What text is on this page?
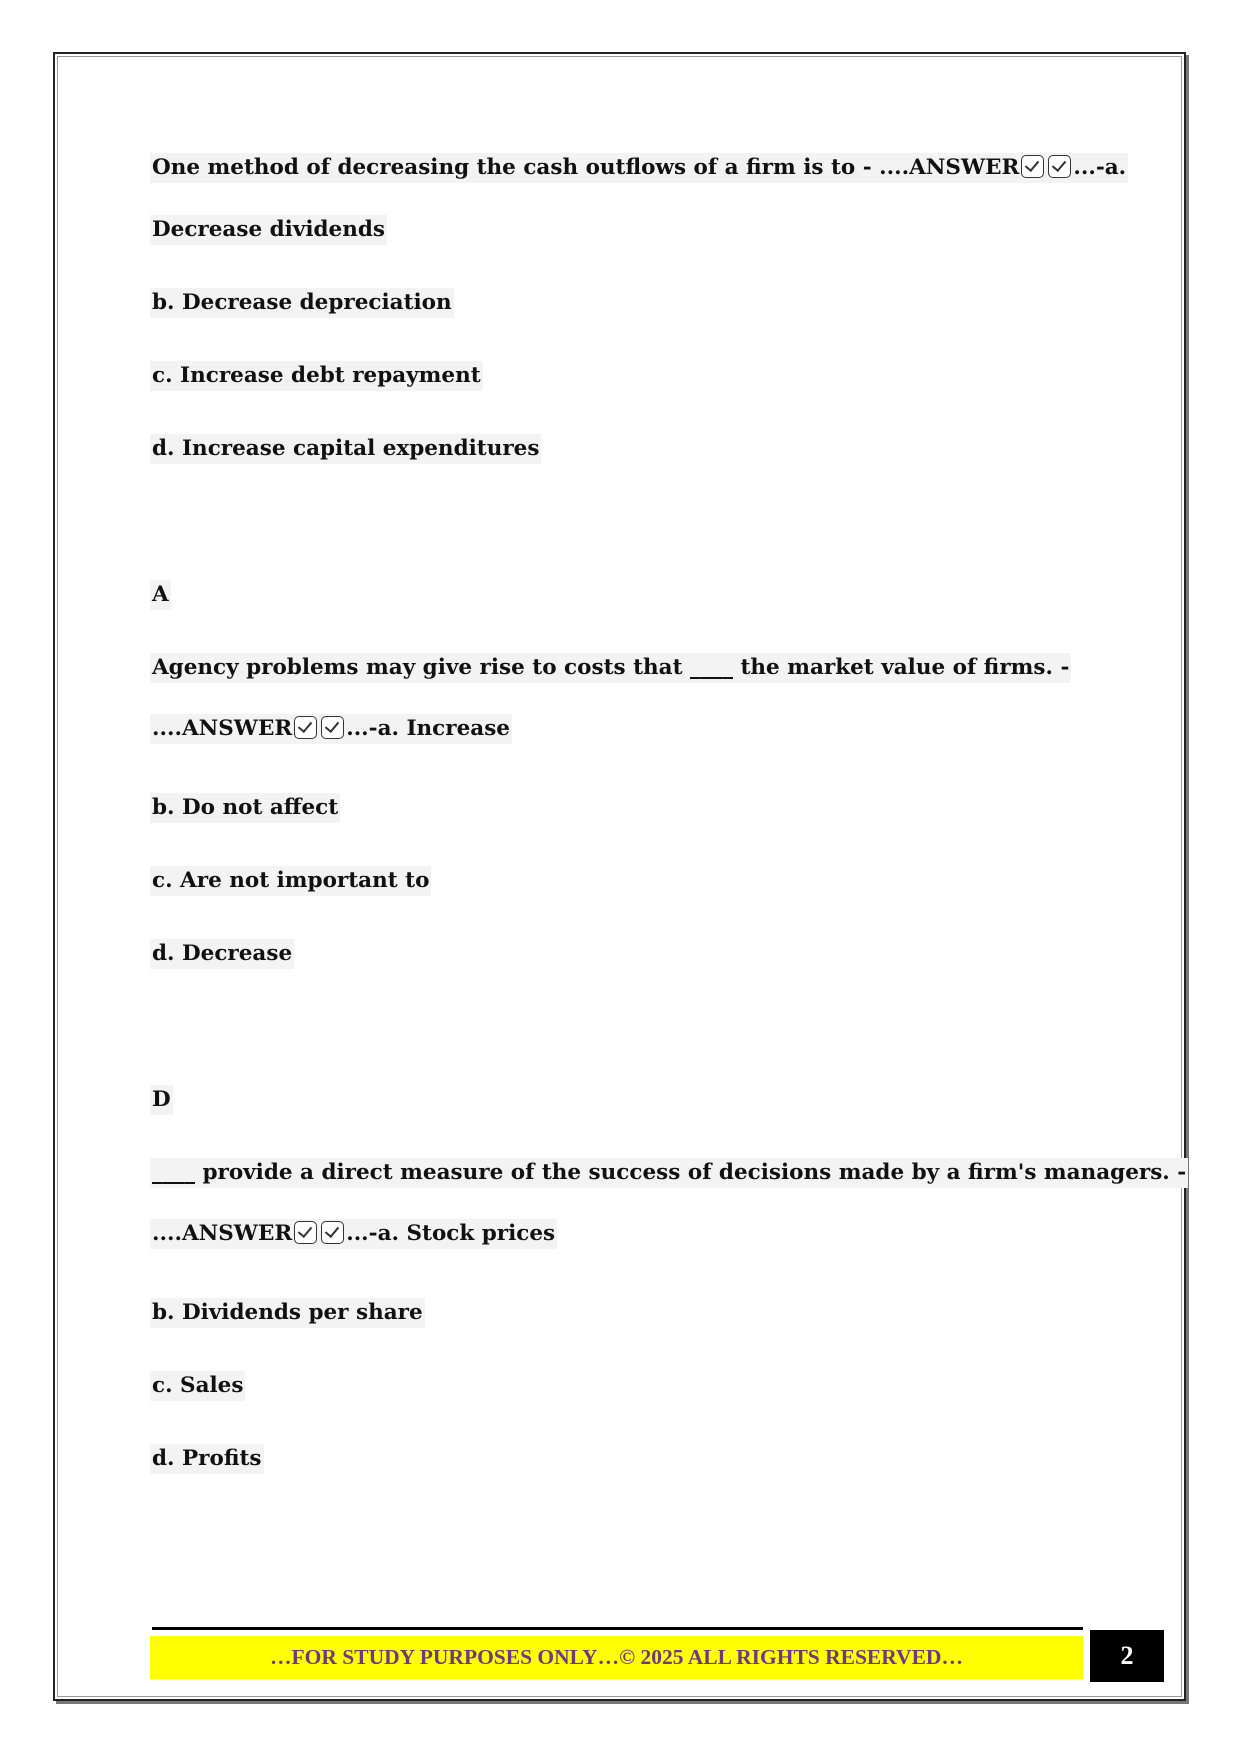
One method of decreasing the cash outflows of a firm is to - ....ANSWER	...-a.

Decrease dividends

b. Decrease depreciation

c. Increase debt repayment

d. Increase capital expenditures

A

Agency problems may give rise to costs that ____ the market value of firms. -

....ANSWER	...-a. Increase

b. Do not affect

c. Are not important to

d. Decrease

D

____ provide a direct measure of the success of decisions made by a firm's managers. -

....ANSWER	...-a. Stock prices

b. Dividends per share

c. Sales

d. Profits

…FOR STUDY PURPOSES ONLY…© 2025 ALL RIGHTS RESERVED…	2
